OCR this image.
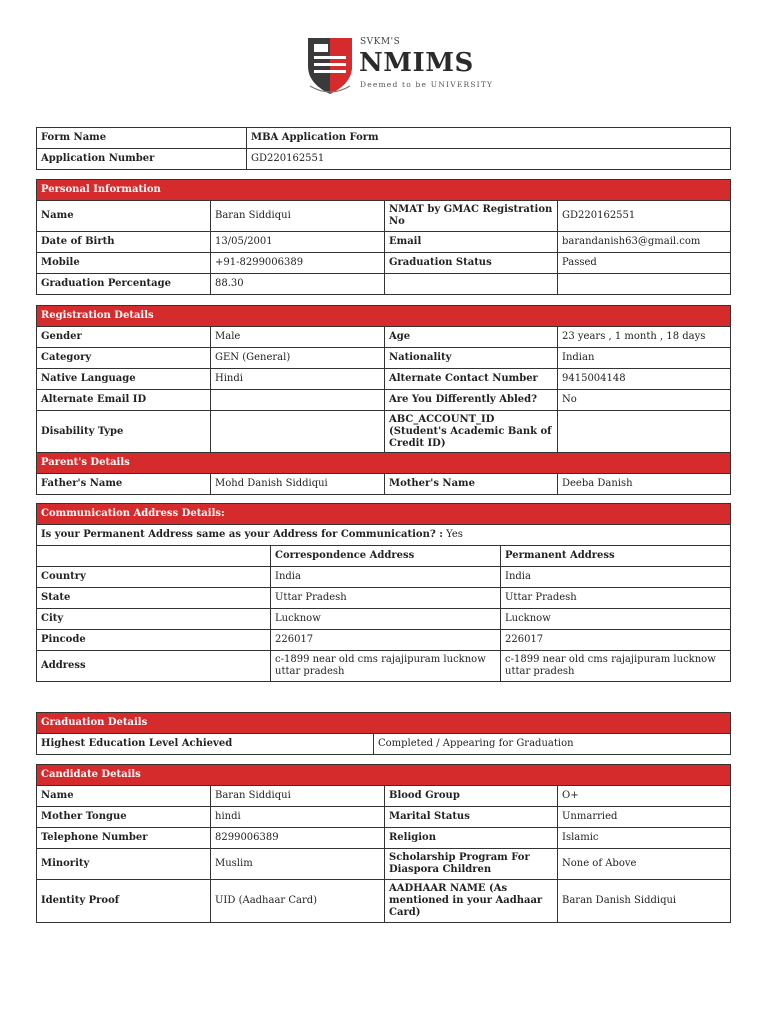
SVKM'S
NMIMS
Deemed to be UNIVERSITY
Form Name	MBA Application Form
Application Number	GD220162551
Personal Information			
Name	Baran Siddiqui	NMAT by GMAC Registration No	GD220162551
Date of Birth	13/05/2001	Email	barandanish63@gmail.com
Mobile	+91-8299006389	Graduation Status	Passed
Graduation Percentage	88.30		
Registration Details			
Gender	Male	Age	23 years , 1 month , 18 days
Category	GEN (General)	Nationality	Indian
Native Language	Hindi	Alternate Contact Number	9415004148
Alternate Email ID		Are You Differently Abled?	No
Disability Type		ABC_ACCOUNT_ID (Student's Academic Bank of Credit ID)	
Parent's Details
Father's Name	Mohd Danish Siddiqui	Mother's Name	Deeba Danish
Communication Address Details:		
Is your Permanent Address same as your Address for Communication? : Yes		
	Correspondence Address	Permanent Address
Country	India	India
State	Uttar Pradesh	Uttar Pradesh
City	Lucknow	Lucknow
Pincode	226017	226017
Address	c-1899 near old cms rajajipuram lucknow uttar pradesh	c-1899 near old cms rajajipuram lucknow uttar pradesh
Graduation Details
Highest Education Level Achieved	Completed / Appearing for Graduation
Candidate Details			
Name	Baran Siddiqui	Blood Group	O+
Mother Tongue	hindi	Marital Status	Unmarried
Telephone Number	8299006389	Religion	Islamic
Minority	Muslim	Scholarship Program For Diaspora Children	None of Above
Identity Proof	UID (Aadhaar Card)	AADHAAR NAME (As mentioned in your Aadhaar Card)	Baran Danish Siddiqui
